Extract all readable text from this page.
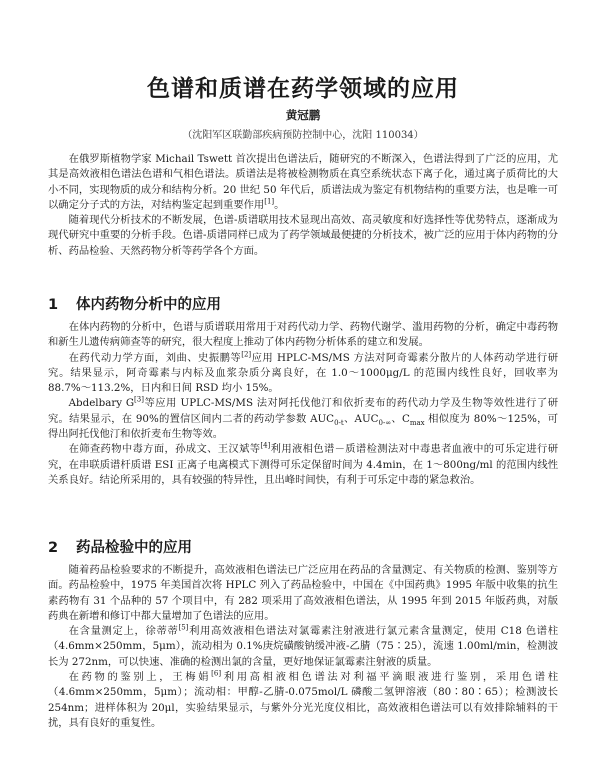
色谱和质谱在药学领域的应用
黄冠鹏
（沈阳军区联勤部疾病预防控制中心，沈阳 110034）

在俄罗斯植物学家 Michail Tswett 首次提出色谱法后，随研究的不断深入，色谱法得到了广泛的应用，尤其是高效液相色谱法色谱和气相色谱法。质谱法是将被检测物质在真空系统状态下离子化，通过离子质荷比的大小不同，实现物质的成分和结构分析。20 世纪 50 年代后，质谱法成为鉴定有机物结构的重要方法，也是唯一可以确定分子式的方法，对结构鉴定起到重要作用[1]。

随着现代分析技术的不断发展，色谱-质谱联用技术显现出高效、高灵敏度和好选择性等优势特点，逐渐成为现代研究中重要的分析手段。色谱-质谱同样已成为了药学领域最便捷的分析技术，被广泛的应用于体内药物的分析、药品检验、天然药物分析等药学各个方面。

1 体内药物分析中的应用

在体内药物的分析中，色谱与质谱联用常用于对药代动力学、药物代谢学、滥用药物的分析，确定中毒药物和新生儿遗传病筛查等的研究，很大程度上推动了体内药物分析体系的建立和发展。

在药代动力学方面，刘曲、史振鹏等[2]应用 HPLC-MS/MS 方法对阿奇霉素分散片的人体药动学进行研究。结果显示，阿奇霉素与内标及血浆杂质分离良好，在 1.0～1000μg/L 的范围内线性良好，回收率为 88.7%～113.2%，日内和日间 RSD 均小 15%。

Abdelbary G[3]等应用 UPLC-MS/MS 法对阿托伐他汀和依折麦布的药代动力学及生物等效性进行了研究。结果显示，在 90%的置信区间内二者的药动学参数 $AUC_{0-t}$、$AUC_{0-\infty}$、$C_{max}$ 相似度为 80%～125%，可得出阿托伐他汀和依折麦布生物等效。

在筛查药物中毒方面，孙成文、王汉斌等[4]利用液相色谱－质谱检测法对中毒患者血液中的可乐定进行研究，在串联质谱杆质谱 ESI 正离子电离模式下测得可乐定保留时间为 4.4min，在 1～800ng/ml 的范围内线性关系良好。结论所采用的，具有较强的特异性，且出峰时间快，有利于可乐定中毒的紧急救治。

2 药品检验中的应用

随着药品检验要求的不断提升，高效液相色谱法已广泛应用在药品的含量测定、有关物质的检测、鉴别等方面。药品检验中，1975 年美国首次将 HPLC 列入了药品检验中，中国在《中国药典》1995 年版中收集的抗生素药物有 31 个品种的 57 个项目中，有 282 项采用了高效液相色谱法，从 1995 年到 2015 年版药典，对版药典在新增和修订中都大量增加了色谱法的应用。

在含量测定上，徐蒂蒂[5]利用高效液相色谱法对氯霉素注射液进行氯元素含量测定，使用 C18 色谱柱（4.6mm×250mm，5μm），流动相为 0.1%庚烷磺酸钠缓冲液-乙腈（75∶25），流速 1.00ml/min，检测波长为 272nm，可以快速、准确的检测出氯的含量，更好地保证氯霉素注射液的质量。

在药物的鉴别上，王梅娟[6]利用高相液相色谱法对利福平滴眼液进行鉴别，采用色谱柱（4.6mm×250mm，5μm）；流动相：甲醇-乙腈-0.075mol/L 磷酸二氢钾溶液（80∶80∶65）；检测波长 254nm；进样体积为 20μl，实验结果显示，与紫外分光光度仪相比，高效液相色谱法可以有效排除辅料的干扰，具有良好的重复性。
